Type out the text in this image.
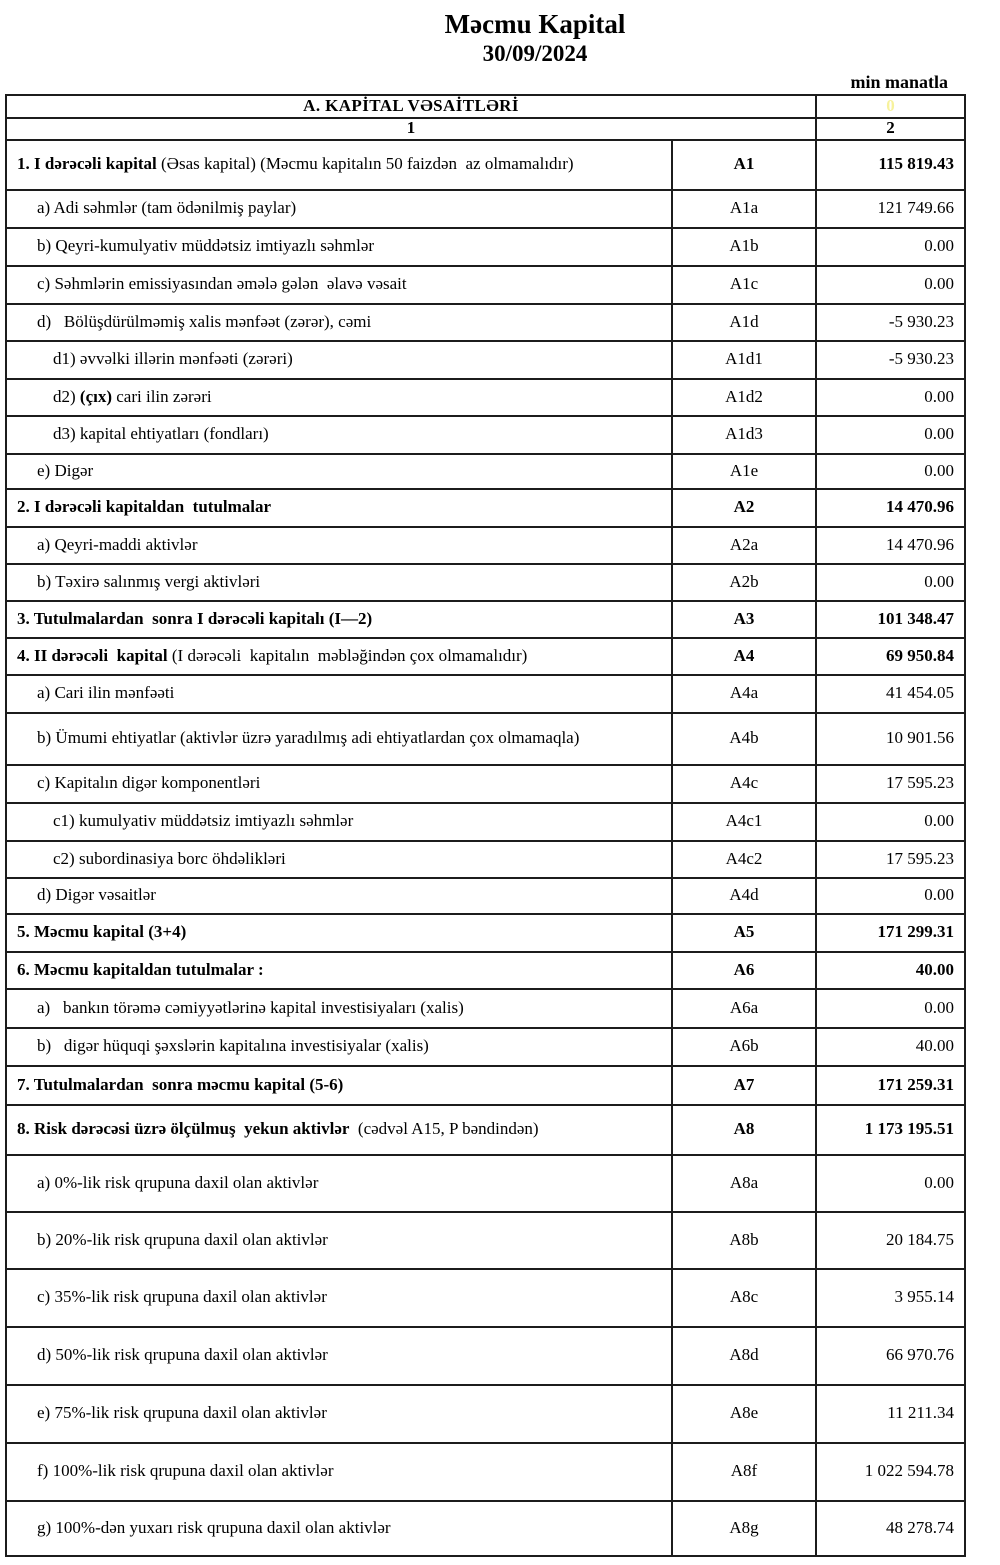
Məcmu Kapital
30/09/2024
min manatla
A. KAPİTAL VƏSAİTLƏRİ	0
1	2
1. I dərəcəli kapital (Əsas kapital) (Məcmu kapitalın 50 faizdən  az olmamalıdır)	A1	115 819.43
a) Adi səhmlər (tam ödənilmiş paylar)	A1a	121 749.66
b) Qeyri-kumulyativ müddətsiz imtiyazlı səhmlər	A1b	0.00
c) Səhmlərin emissiyasından əmələ gələn  əlavə vəsait	A1c	0.00
d)   Bölüşdürülməmiş xalis mənfəət (zərər), cəmi	A1d	-5 930.23
d1) əvvəlki illərin mənfəəti (zərəri)	A1d1	-5 930.23
d2) (çıx) cari ilin zərəri	A1d2	0.00
d3) kapital ehtiyatları (fondları)	A1d3	0.00
e) Digər	A1e	0.00
2. I dərəcəli kapitaldan  tutulmalar	A2	14 470.96
a) Qeyri-maddi aktivlər	A2a	14 470.96
b) Təxirə salınmış vergi aktivləri	A2b	0.00
3. Tutulmalardan  sonra I dərəcəli kapitalı (I—2)	A3	101 348.47
4. II dərəcəli  kapital (I dərəcəli  kapitalın  məbləğindən çox olmamalıdır)	A4	69 950.84
a) Cari ilin mənfəəti	A4a	41 454.05
b) Ümumi ehtiyatlar (aktivlər üzrə yaradılmış adi ehtiyatlardan çox olmamaqla)	A4b	10 901.56
c) Kapitalın digər komponentləri	A4c	17 595.23
c1) kumulyativ müddətsiz imtiyazlı səhmlər	A4c1	0.00
c2) subordinasiya borc öhdəlikləri	A4c2	17 595.23
d) Digər vəsaitlər	A4d	0.00
5. Məcmu kapital (3+4)	A5	171 299.31
6. Məcmu kapitaldan tutulmalar :	A6	40.00
a)   bankın törəmə cəmiyyətlərinə kapital investisiyaları (xalis)	A6a	0.00
b)   digər hüquqi şəxslərin kapitalına investisiyalar (xalis)	A6b	40.00
7. Tutulmalardan  sonra məcmu kapital (5-6)	A7	171 259.31
8. Risk dərəcəsi üzrə ölçülmuş  yekun aktivlər  (cədvəl A15, P bəndindən)	A8	1 173 195.51
a) 0%-lik risk qrupuna daxil olan aktivlər	A8a	0.00
b) 20%-lik risk qrupuna daxil olan aktivlər	A8b	20 184.75
c) 35%-lik risk qrupuna daxil olan aktivlər	A8c	3 955.14
d) 50%-lik risk qrupuna daxil olan aktivlər	A8d	66 970.76
e) 75%-lik risk qrupuna daxil olan aktivlər	A8e	11 211.34
f) 100%-lik risk qrupuna daxil olan aktivlər	A8f	1 022 594.78
g) 100%-dən yuxarı risk qrupuna daxil olan aktivlər	A8g	48 278.74
